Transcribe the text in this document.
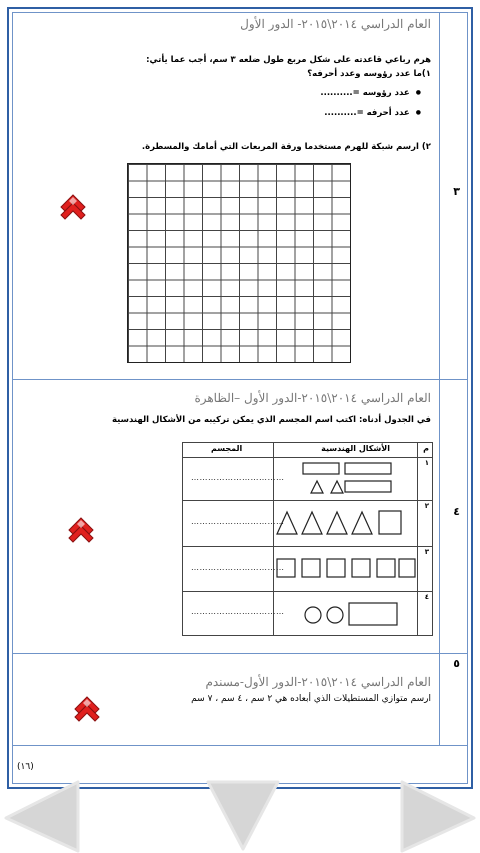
٣
العام الدراسي ٢٠١٤\٢٠١٥- الدور الأول
هرم رباعي قاعدته على شكل مربع طول ضلعه ٣ سم، أجب عما يأتي:
١)ما عدد رؤوسه وعدد أحرفه؟
● عدد رؤوسه =..........
● عدد أحرفه =..........
٢) ارسم شبكة للهرم مستخدما ورقة المربعات التي أمامك والمسطرة.
٤
العام الدراسي ٢٠١٤\٢٠١٥-الدور الأول –الظاهرة
في الجدول أدناه: اكتب اسم المجسم الذي يمكن تركيبه من الأشكال الهندسية
م
الأشكال الهندسية
المجسم
١
……………………………
٢
……………………………
٣
……………………………
٤
……………………………
٥
العام الدراسي ٢٠١٤\٢٠١٥-الدور الأول-مسندم
ارسم متوازي المستطيلات الذي أبعاده هي ٢ سم ، ٤ سم ، ٧ سم
(١٦)
